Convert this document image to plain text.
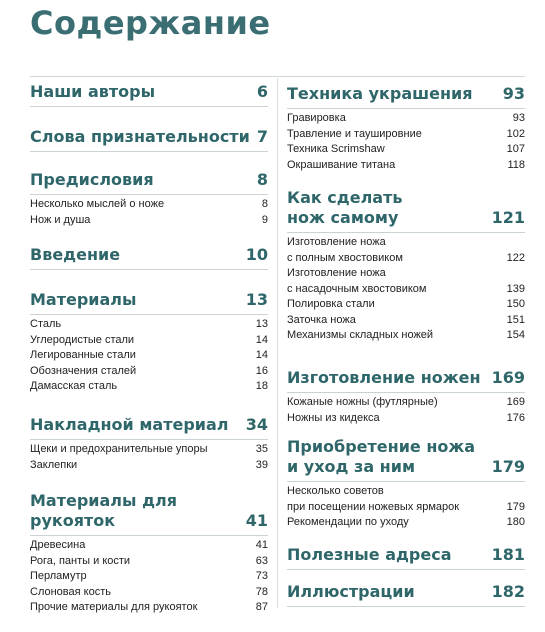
Содержание
Наши авторы	6
Слова признательности 7
Предисловия	8
Несколько мыслей о ноже	8
Нож и душа	9
Введение	10
Материалы	13
Сталь	13
Углеродистые стали	14
Легированные стали	14
Обозначения сталей	16
Дамасская сталь	18
Накладной материал 34
Щеки и предохранительные упоры	35
Заклепки	39
Материалы для рукояток	41
Древесина	41
Рога, панты и кости	63
Перламутр	73
Слоновая кость	78
Прочие материалы для рукояток	87
Техника украшения 93
Гравировка	93
Травление и таушировние	102
Техника Scrimshaw	107
Окрашивание титана	118
Как сделать
нож самому	121
Изготовление ножа
с полным хвостовиком	122
Изготовление ножа
с насадочным хвостовиком	139
Полировка стали	150
Заточка ножа	151
Механизмы складных ножей	154
Изготовление ножен 169
Кожаные ножны (футлярные)	169
Ножны из кидекса	176
Приобретение ножа
и уход за ним	179
Несколько советов
при посещении ножевых ярмарок	179
Рекомендации по уходу	180
Полезные адреса	181
Иллюстрации	182
